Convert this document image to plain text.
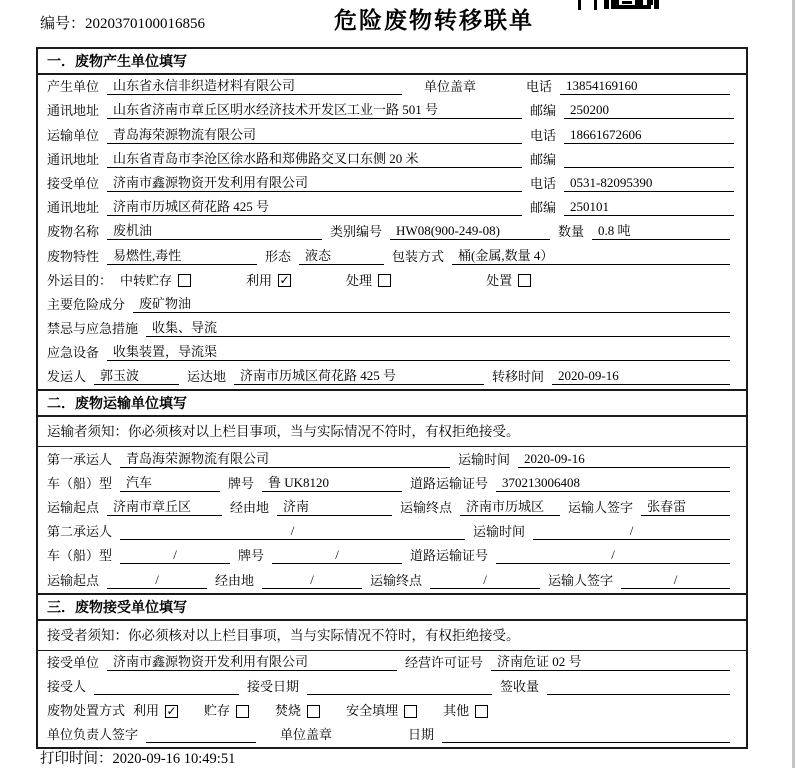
编号：2020370100016856	危险废物转移联单
一．废物产生单位填写
产生单位	山东省永信非织造材料有限公司	单位盖章	电话	13854169160
通讯地址	山东省济南市章丘区明水经济技术开发区工业一路 501 号	邮编	250200
运输单位	青岛海荣源物流有限公司	电话	18661672606
通讯地址	山东省青岛市李沧区徐水路和郑佛路交叉口东侧 20 米	邮编
接受单位	济南市鑫源物资开发利用有限公司	电话	0531-82095390
通讯地址	济南市历城区荷花路 425 号	邮编	250101
废物名称	废机油	类别编号	HW08(900-249-08)	数量	0.8 吨
废物特性	易燃性,毒性	形态	液态	包装方式	桶(金属,数量 4）
外运目的： 中转贮存	利用 ✓	处理	处置
主要危险成分	废矿物油
禁忌与应急措施	收集、导流
应急设备	收集装置，导流渠
发运人	郭玉波	运达地	济南市历城区荷花路 425 号	转移时间	2020-09-16
二．废物运输单位填写
运输者须知：你必须核对以上栏目事项，当与实际情况不符时，有权拒绝接受。
第一承运人	青岛海荣源物流有限公司	运输时间	2020-09-16
车（船）型	汽车	牌号	鲁 UK8120	道路运输证号	370213006408
运输起点	济南市章丘区	经由地	济南	运输终点	济南市历城区	运输人签字	张春雷
第二承运人	/	运输时间	/
车（船）型	/	牌号	/	道路运输证号	/
运输起点	/	经由地	/	运输终点	/	运输人签字	/
三．废物接受单位填写
接受者须知：你必须核对以上栏目事项，当与实际情况不符时，有权拒绝接受。
接受单位	济南市鑫源物资开发利用有限公司	经营许可证号	济南危证 02 号
接受人	接受日期	签收量
废物处置方式 利用 ✓ 贮存	焚烧	安全填埋	其他
单位负责人签字	单位盖章	日期
打印时间：2020-09-16 10:49:51
